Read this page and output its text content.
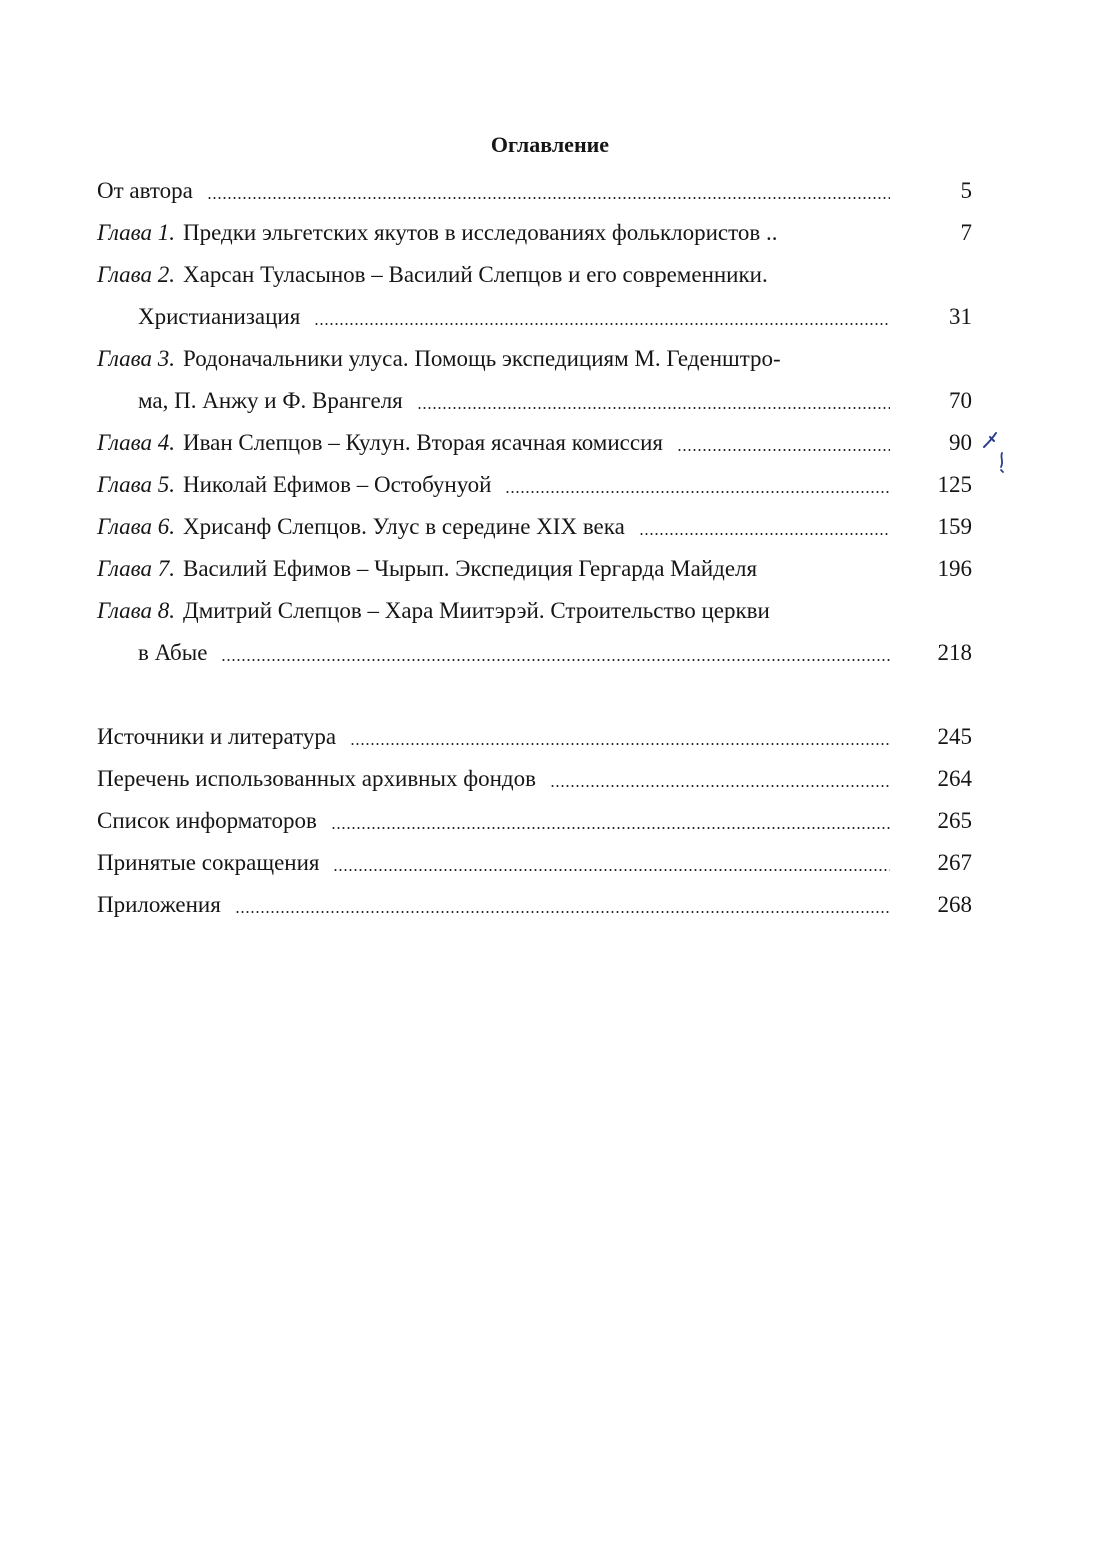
Оглавление
От автора	5
Глава 1. Предки эльгетских якутов в исследованиях фольклористов ..	7
Глава 2. Харсан Туласынов – Василий Слепцов и его современники.
Христианизация	31
Глава 3. Родоначальники улуса. Помощь экспедициям М. Геденштро-
ма, П. Анжу и Ф. Врангеля	70
Глава 4. Иван Слепцов – Кулун. Вторая ясачная комиссия	90
Глава 5. Николай Ефимов – Остобунуой	125
Глава 6. Хрисанф Слепцов. Улус в середине XIX века	159
Глава 7. Василий Ефимов – Чырып. Экспедиция Гергарда Майделя	196
Глава 8. Дмитрий Слепцов – Хара Миитэрэй. Строительство церкви
в Абые	218
Источники и литература	245
Перечень использованных архивных фондов	264
Список информаторов	265
Принятые сокращения	267
Приложения	268
